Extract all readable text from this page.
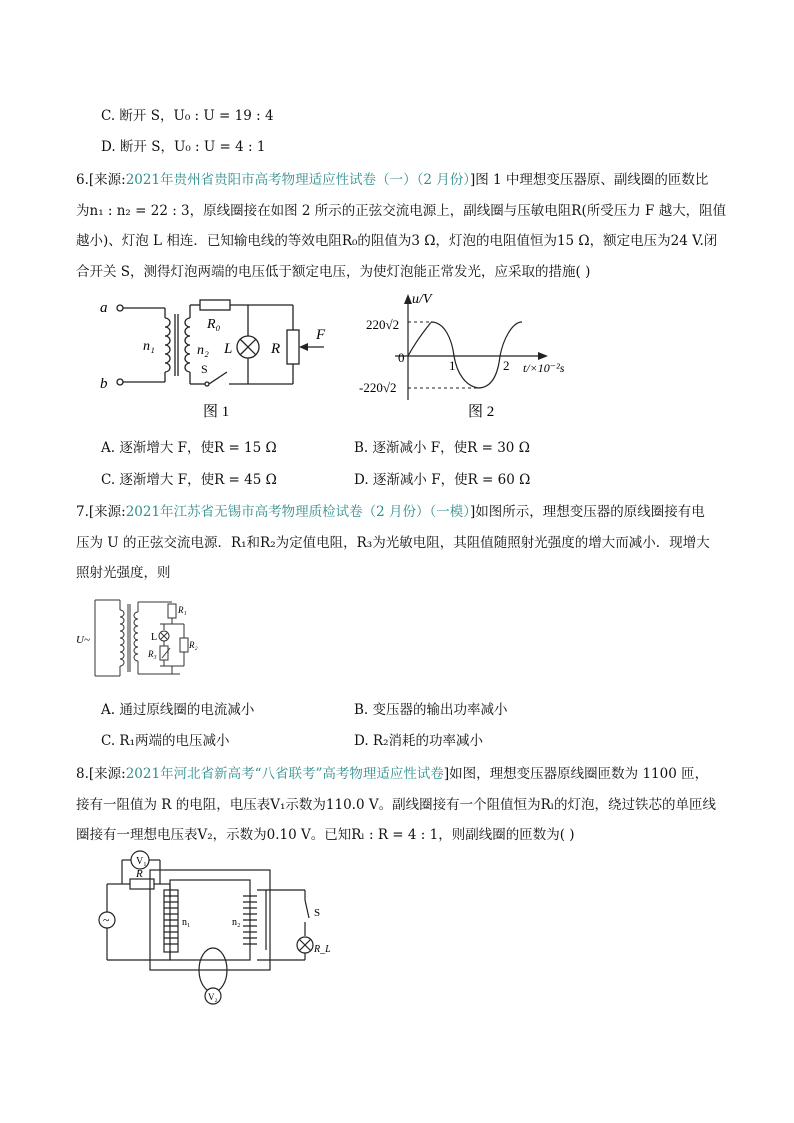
C. 断开 S，U₀ : U = 19 : 4
D. 断开 S，U₀ : U = 4 : 1
6.[来源:2021年贵州省贵阳市高考物理适应性试卷（一）（2 月份）]图 1 中理想变压器原、副线圈的匝数比
为n₁ : n₂ = 22 : 3，原线圈接在如图 2 所示的正弦交流电源上，副线圈与压敏电阻R(所受压力 F 越大，阻值
越小)、灯泡 L 相连．已知输电线的等效电阻R₀的阻值为3 Ω，灯泡的电阻值恒为15 Ω，额定电压为24 V.闭
合开关 S，测得灯泡两端的电压低于额定电压，为使灯泡能正常发光，应采取的措施( )
a
b
n₁	n₂
R₀
L	R
F
S
图 1
u/V
220√2
-220√2
0
1	2 t/×10⁻²s
图 2
A. 逐渐增大 F，使R = 15 Ω	B. 逐渐减小 F，使R = 30 Ω
C. 逐渐增大 F，使R = 45 Ω	D. 逐渐减小 F，使R = 60 Ω
7.[来源:2021年江苏省无锡市高考物理质检试卷（2 月份）（一模）]如图所示，理想变压器的原线圈接有电
压为 U 的正弦交流电源．R₁和R₂为定值电阻，R₃为光敏电阻，其阻值随照射光强度的增大而减小．现增大
照射光强度，则
U~
R₁
L
R₂
R₃
A. 通过原线圈的电流减小	B. 变压器的输出功率减小
C. R₁两端的电压减小	D. R₂消耗的功率减小
8.[来源:2021年河北省新高考“八省联考”高考物理适应性试卷]如图，理想变压器原线圈匝数为 1100 匝，
接有一阻值为 R 的电阻，电压表V₁示数为110.0 V。副线圈接有一个阻值恒为Rₗ的灯泡，绕过铁芯的单匝线
圈接有一理想电压表V₂，示数为0.10 V。已知Rₗ : R = 4 : 1，则副线圈的匝数为( )
V₁
R
~	n₁	n₂
S
R_L
V₂
